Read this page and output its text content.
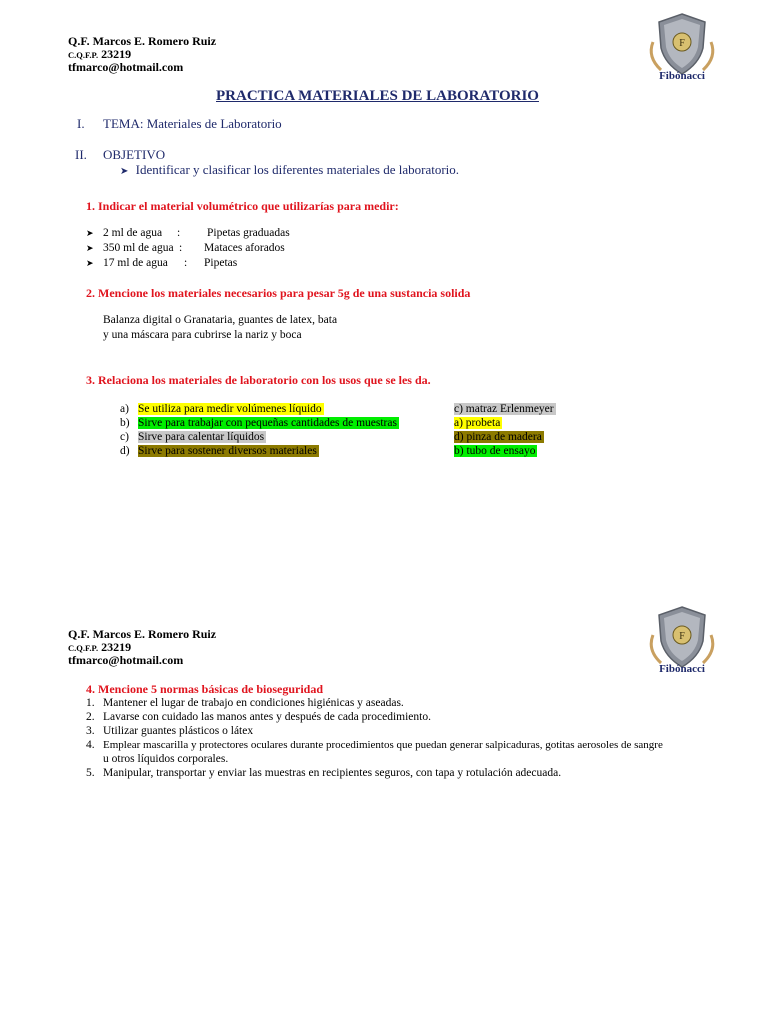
Q.F. Marcos E. Romero Ruiz
C.Q.F.P. 23219
tfmarco@hotmail.com
F
Fibónacci
PRACTICA MATERIALES DE LABORATORIO
I. TEMA: Materiales de Laboratorio
II. OBJETIVO
➤ Identificar y clasificar los diferentes materiales de laboratorio.
1. Indicar el material volumétrico que utilizarías para medir:
➤ 2 ml de agua : Pipetas graduadas
➤ 350 ml de agua : Mataces aforados
➤ 17 ml de agua : Pipetas
2. Mencione los materiales necesarios para pesar 5g de una sustancia solida
Balanza digital o Granataria, guantes de latex, bata
y una máscara para cubrirse la nariz y boca
3. Relaciona los materiales de laboratorio con los usos que se les da.
a) Se utiliza para medir volúmenes líquido	c) matraz Erlenmeyer
b) Sirve para trabajar con pequeñas cantidades de muestras	a) probeta
c) Sirve para calentar líquidos	d) pinza de madera
d) Sirve para sostener diversos materiales	b) tubo de ensayo
Q.F. Marcos E. Romero Ruiz
C.Q.F.P. 23219
tfmarco@hotmail.com
F
Fibónacci
4. Mencione 5 normas básicas de bioseguridad
1. Mantener el lugar de trabajo en condiciones higiénicas y aseadas.
2. Lavarse con cuidado las manos antes y después de cada procedimiento.
3. Utilizar guantes plásticos o látex
4. Emplear mascarilla y protectores oculares durante procedimientos que puedan generar salpicaduras, gotitas aerosoles de sangre
u otros líquidos corporales.
5. Manipular, transportar y enviar las muestras en recipientes seguros, con tapa y rotulación adecuada.
